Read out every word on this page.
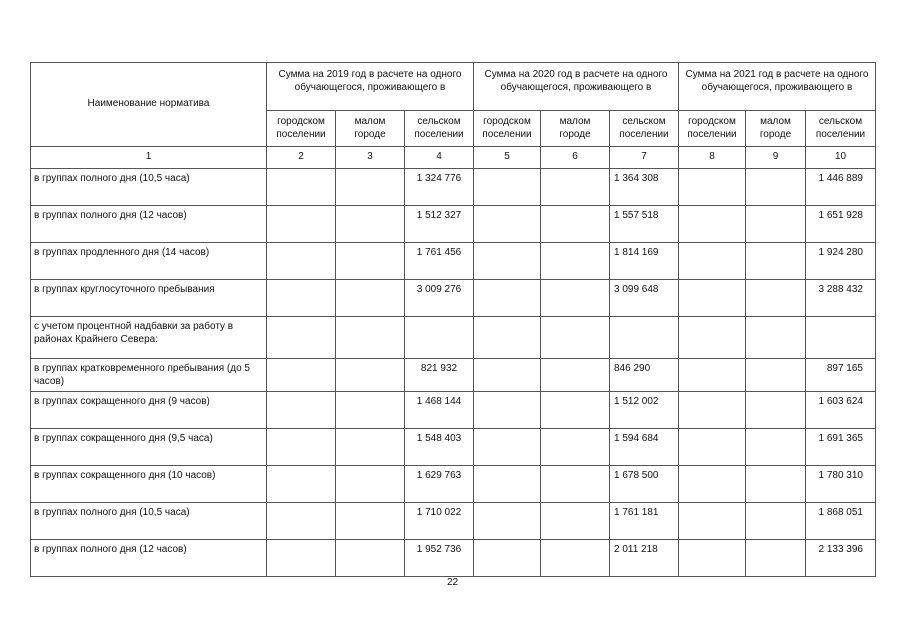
Наименование норматива	Сумма на 2019 год в расчете на одного обучающегося, проживающего в			Сумма на 2020 год в расчете на одного обучающегося, проживающего в			Сумма на 2021 год в расчете на одного обучающегося, проживающего в		
	городском поселении	малом городе	сельском поселении	городском поселении	малом городе	сельском поселении	городском поселении	малом городе	сельском поселении
1	2	3	4	5	6	7	8	9	10
в группах полного дня (10,5 часа)			1 324 776			1 364 308			1 446 889
в группах полного дня (12 часов)			1 512 327			1 557 518			1 651 928
в группах продленного дня (14 часов)			1 761 456			1 814 169			1 924 280
в группах круглосуточного пребывания			3 009 276			3 099 648			3 288 432
с учетом процентной надбавки за работу в районах Крайнего Севера:									
в группах кратковременного пребывания (до 5 часов)			821 932			846 290			897 165
в группах сокращенного дня (9 часов)			1 468 144			1 512 002			1 603 624
в группах сокращенного дня (9,5 часа)			1 548 403			1 594 684			1 691 365
в группах сокращенного дня (10 часов)			1 629 763			1 678 500			1 780 310
в группах полного дня (10,5 часа)			1 710 022			1 761 181			1 868 051
в группах полного дня (12 часов)			1 952 736			2 011 218			2 133 396
22
